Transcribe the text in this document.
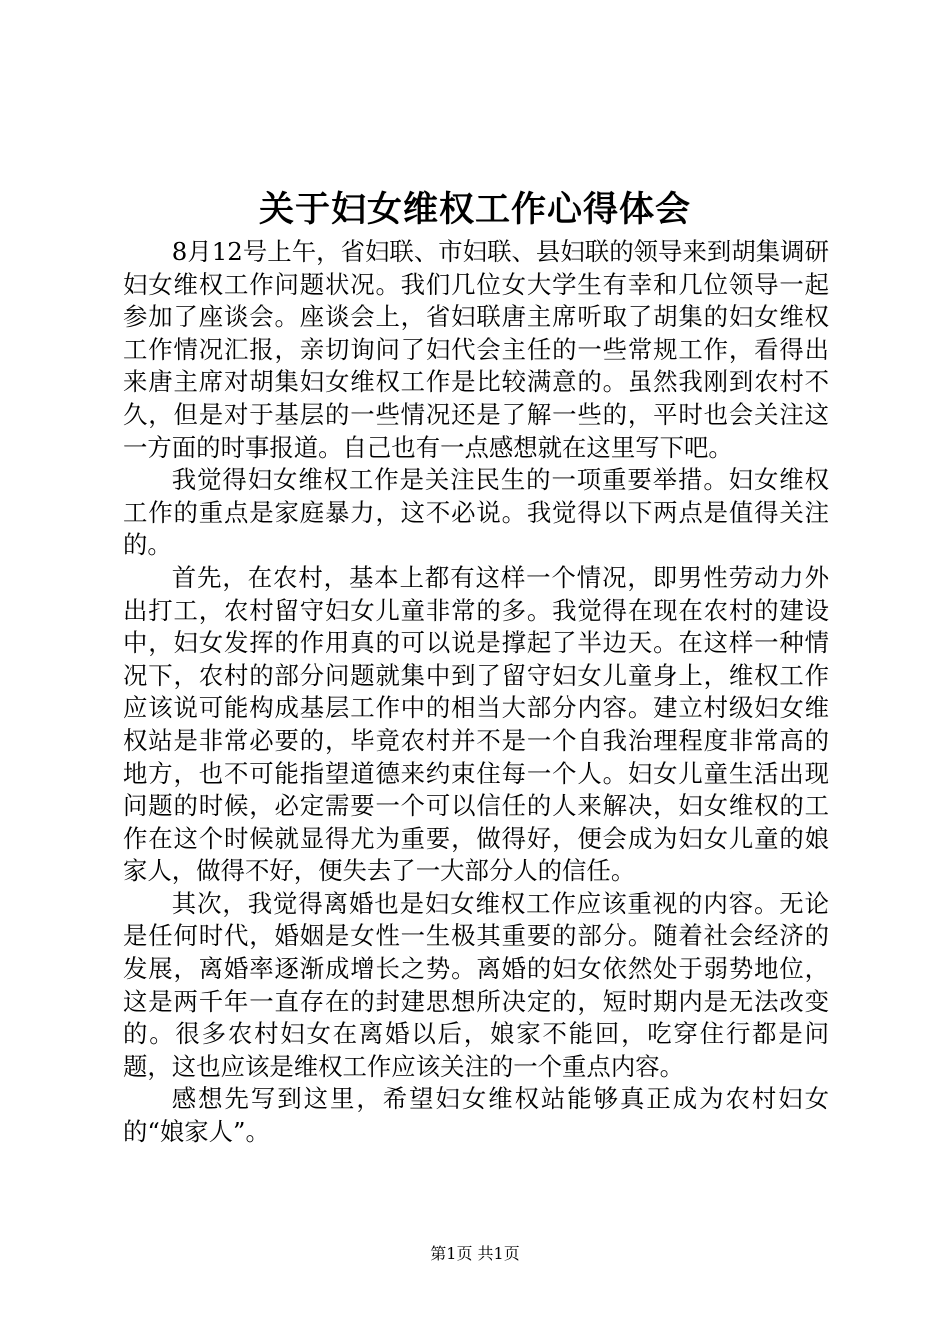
关于妇女维权工作心得体会

8月12号上午，省妇联、市妇联、县妇联的领导来到胡集调研妇女维权工作问题状况。我们几位女大学生有幸和几位领导一起参加了座谈会。座谈会上，省妇联唐主席听取了胡集的妇女维权工作情况汇报，亲切询问了妇代会主任的一些常规工作，看得出来唐主席对胡集妇女维权工作是比较满意的。虽然我刚到农村不久，但是对于基层的一些情况还是了解一些的，平时也会关注这一方面的时事报道。自己也有一点感想就在这里写下吧。

我觉得妇女维权工作是关注民生的一项重要举措。妇女维权工作的重点是家庭暴力，这不必说。我觉得以下两点是值得关注的。

首先，在农村，基本上都有这样一个情况，即男性劳动力外出打工，农村留守妇女儿童非常的多。我觉得在现在农村的建设中，妇女发挥的作用真的可以说是撑起了半边天。在这样一种情况下，农村的部分问题就集中到了留守妇女儿童身上，维权工作应该说可能构成基层工作中的相当大部分内容。建立村级妇女维权站是非常必要的，毕竟农村并不是一个自我治理程度非常高的地方，也不可能指望道德来约束住每一个人。妇女儿童生活出现问题的时候，必定需要一个可以信任的人来解决，妇女维权的工作在这个时候就显得尤为重要，做得好，便会成为妇女儿童的娘家人，做得不好，便失去了一大部分人的信任。

其次，我觉得离婚也是妇女维权工作应该重视的内容。无论是任何时代，婚姻是女性一生极其重要的部分。随着社会经济的发展，离婚率逐渐成增长之势。离婚的妇女依然处于弱势地位，这是两千年一直存在的封建思想所决定的，短时期内是无法改变的。很多农村妇女在离婚以后，娘家不能回，吃穿住行都是问题，这也应该是维权工作应该关注的一个重点内容。

感想先写到这里，希望妇女维权站能够真正成为农村妇女的“娘家人”。

第1页 共1页
